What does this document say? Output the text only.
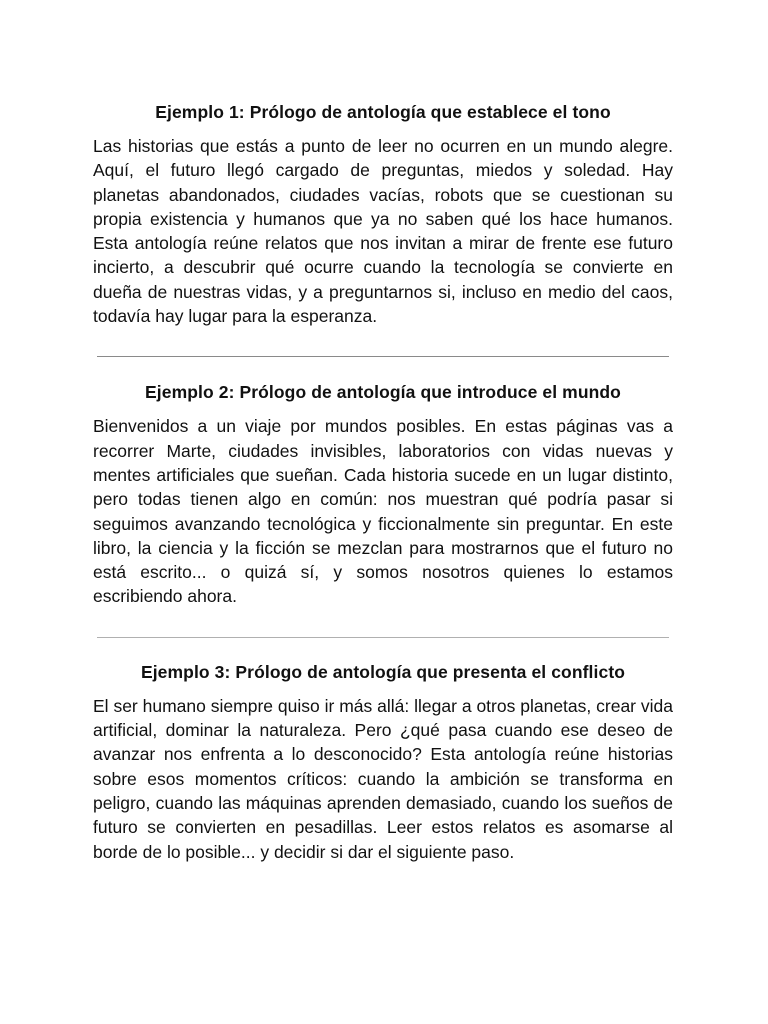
Ejemplo 1: Prólogo de antología que establece el tono

Las historias que estás a punto de leer no ocurren en un mundo alegre. Aquí, el futuro llegó cargado de preguntas, miedos y soledad. Hay planetas abandonados, ciudades vacías, robots que se cuestionan su propia existencia y humanos que ya no saben qué los hace humanos. Esta antología reúne relatos que nos invitan a mirar de frente ese futuro incierto, a descubrir qué ocurre cuando la tecnología se convierte en dueña de nuestras vidas, y a preguntarnos si, incluso en medio del caos, todavía hay lugar para la esperanza.

Ejemplo 2: Prólogo de antología que introduce el mundo

Bienvenidos a un viaje por mundos posibles. En estas páginas vas a recorrer Marte, ciudades invisibles, laboratorios con vidas nuevas y mentes artificiales que sueñan. Cada historia sucede en un lugar distinto, pero todas tienen algo en común: nos muestran qué podría pasar si seguimos avanzando tecnológica y ficcionalmente sin preguntar. En este libro, la ciencia y la ficción se mezclan para mostrarnos que el futuro no está escrito... o quizá sí, y somos nosotros quienes lo estamos escribiendo ahora.

Ejemplo 3: Prólogo de antología que presenta el conflicto

El ser humano siempre quiso ir más allá: llegar a otros planetas, crear vida artificial, dominar la naturaleza. Pero ¿qué pasa cuando ese deseo de avanzar nos enfrenta a lo desconocido? Esta antología reúne historias sobre esos momentos críticos: cuando la ambición se transforma en peligro, cuando las máquinas aprenden demasiado, cuando los sueños de futuro se convierten en pesadillas. Leer estos relatos es asomarse al borde de lo posible... y decidir si dar el siguiente paso.
